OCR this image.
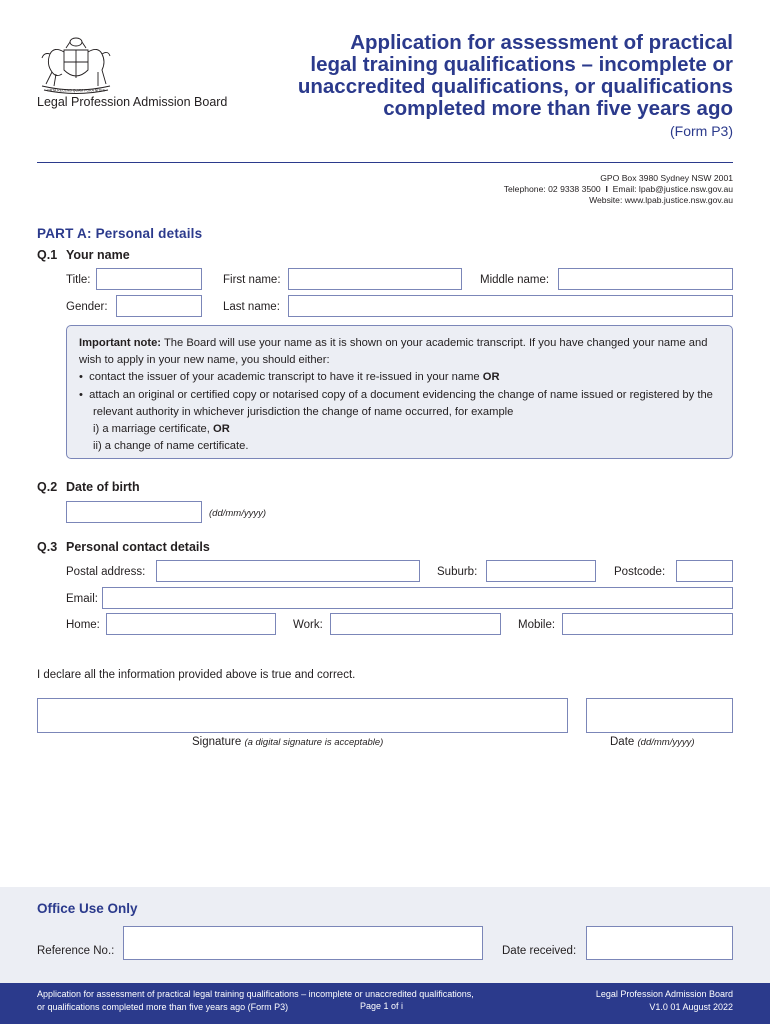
ORTA RECENS QUAM PURA NITES
Legal Profession Admission Board
Application for assessment of practical
legal training qualifications – incomplete or
unaccredited qualifications, or qualifications
completed more than five years ago
(Form P3)
GPO Box 3980 Sydney NSW 2001
Telephone: 02 9338 3500 I Email: lpab@justice.nsw.gov.au
Website: www.lpab.justice.nsw.gov.au
PART A: Personal details
Q.1 Your name
Title:	First name:	Middle name:
Gender:	Last name:
Important note: The Board will use your name as it is shown on your academic transcript. If you have changed your name and wish to apply in your new name, you should either:
•  contact the issuer of your academic transcript to have it re-issued in your name OR
•  attach an original or certified copy or notarised copy of a document evidencing the change of name issued or registered by the relevant authority in whichever jurisdiction the change of name occurred, for example
i) a marriage certificate, OR
ii) a change of name certificate.
Q.2 Date of birth
(dd/mm/yyyy)
Q.3 Personal contact details
Postal address:	Suburb:	Postcode:
Email:
Home:	Work:	Mobile:
I declare all the information provided above is true and correct.
Signature (a digital signature is acceptable)	Date (dd/mm/yyyy)
Office Use Only
Reference No.:	Date received:
Application for assessment of practical legal training qualifications – incomplete or unaccredited qualifications,
or qualifications completed more than five years ago (Form P3)	Page 1 of i
Legal Profession Admission Board
V1.0 01 August 2022
